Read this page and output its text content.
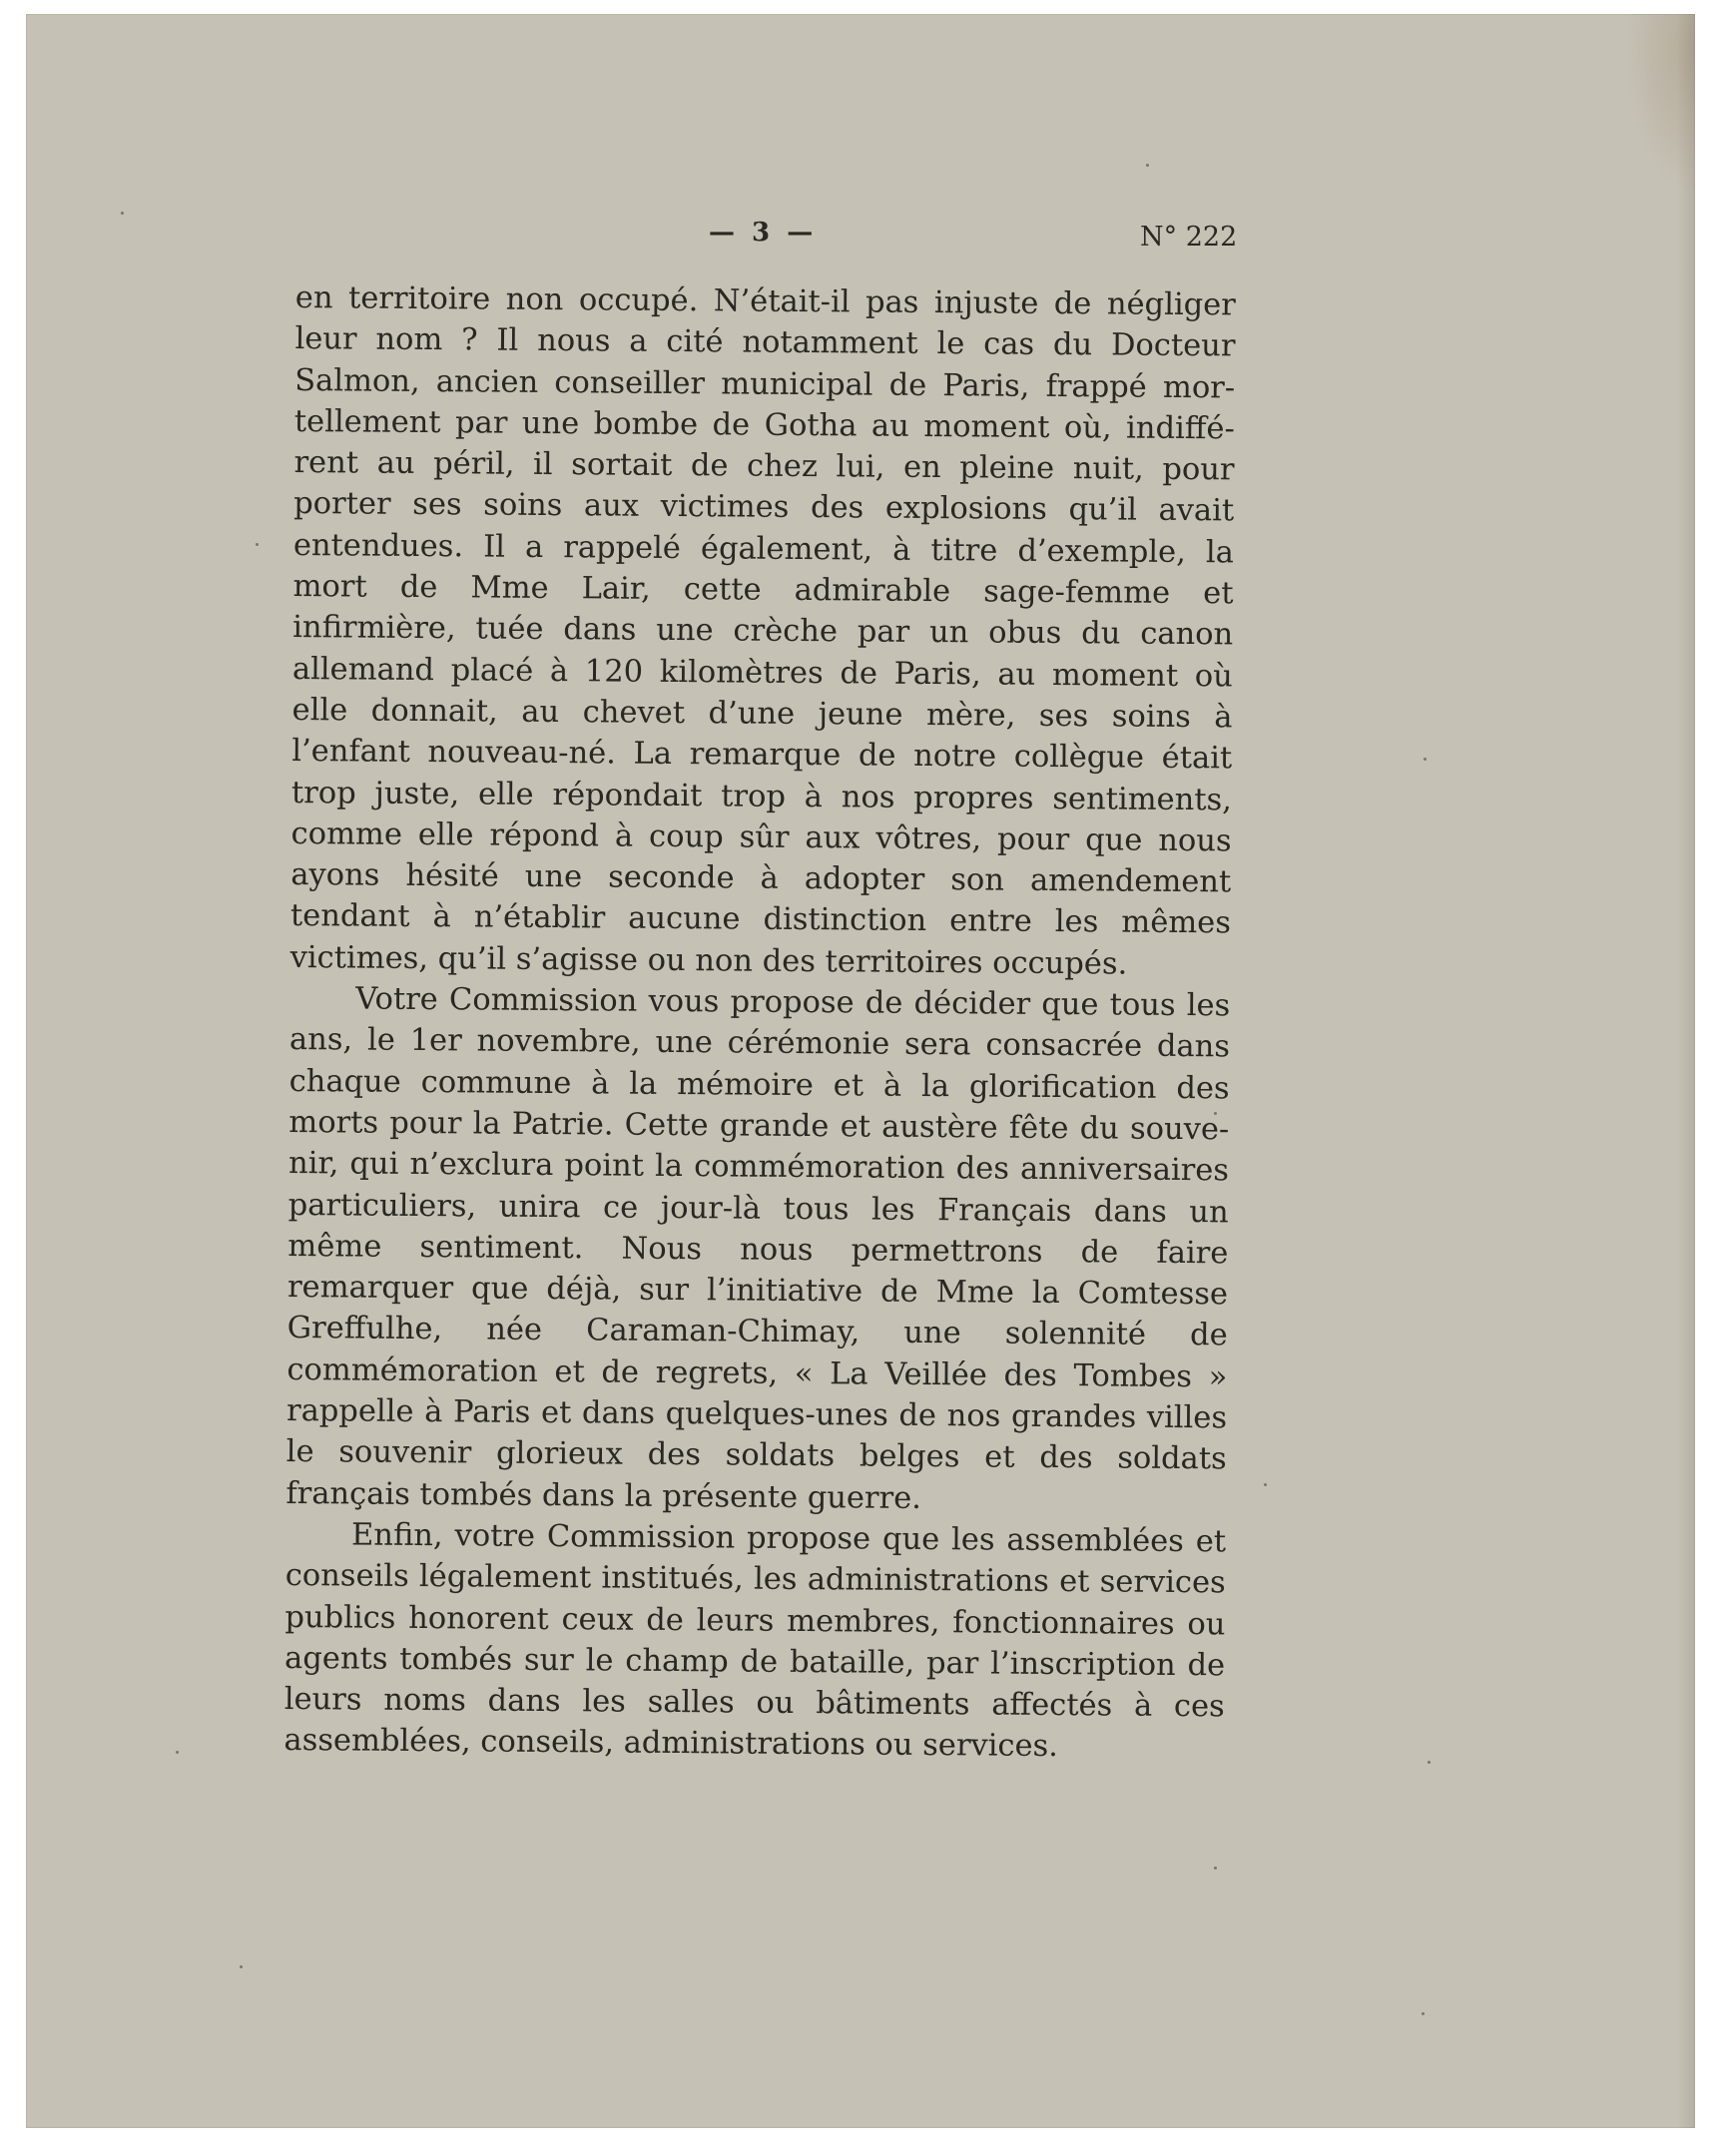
— 3 —	N° 222

en territoire non occupé. N’était-il pas injuste de négliger leur nom ? Il nous a cité notamment le cas du Docteur Salmon, ancien conseiller municipal de Paris, frappé mortellement par une bombe de Gotha au moment où, indifférent au péril, il sortait de chez lui, en pleine nuit, pour porter ses soins aux victimes des explosions qu’il avait entendues. Il a rappelé également, à titre d’exemple, la mort de Mme Lair, cette admirable sage-femme et infirmière, tuée dans une crèche par un obus du canon allemand placé à 120 kilomètres de Paris, au moment où elle donnait, au chevet d’une jeune mère, ses soins à l’enfant nouveau-né. La remarque de notre collègue était trop juste, elle répondait trop à nos propres sentiments, comme elle répond à coup sûr aux vôtres, pour que nous ayons hésité une seconde à adopter son amendement tendant à n’établir aucune distinction entre les mêmes victimes, qu’il s’agisse ou non des territoires occupés.

Votre Commission vous propose de décider que tous les ans, le 1er novembre, une cérémonie sera consacrée dans chaque commune à la mémoire et à la glorification des morts pour la Patrie. Cette grande et austère fête du souvenir, qui n’exclura point la commémoration des anniversaires particuliers, unira ce jour-là tous les Français dans un même sentiment. Nous nous permettrons de faire remarquer que déjà, sur l’initiative de Mme la Comtesse Greffulhe, née Caraman-Chimay, une solennité de commémoration et de regrets, « La Veillée des Tombes » rappelle à Paris et dans quelques-unes de nos grandes villes le souvenir glorieux des soldats belges et des soldats français tombés dans la présente guerre.

Enfin, votre Commission propose que les assemblées et conseils légalement institués, les administrations et services publics honorent ceux de leurs membres, fonctionnaires ou agents tombés sur le champ de bataille, par l’inscription de leurs noms dans les salles ou bâtiments affectés à ces assemblées, conseils, administrations ou services.
